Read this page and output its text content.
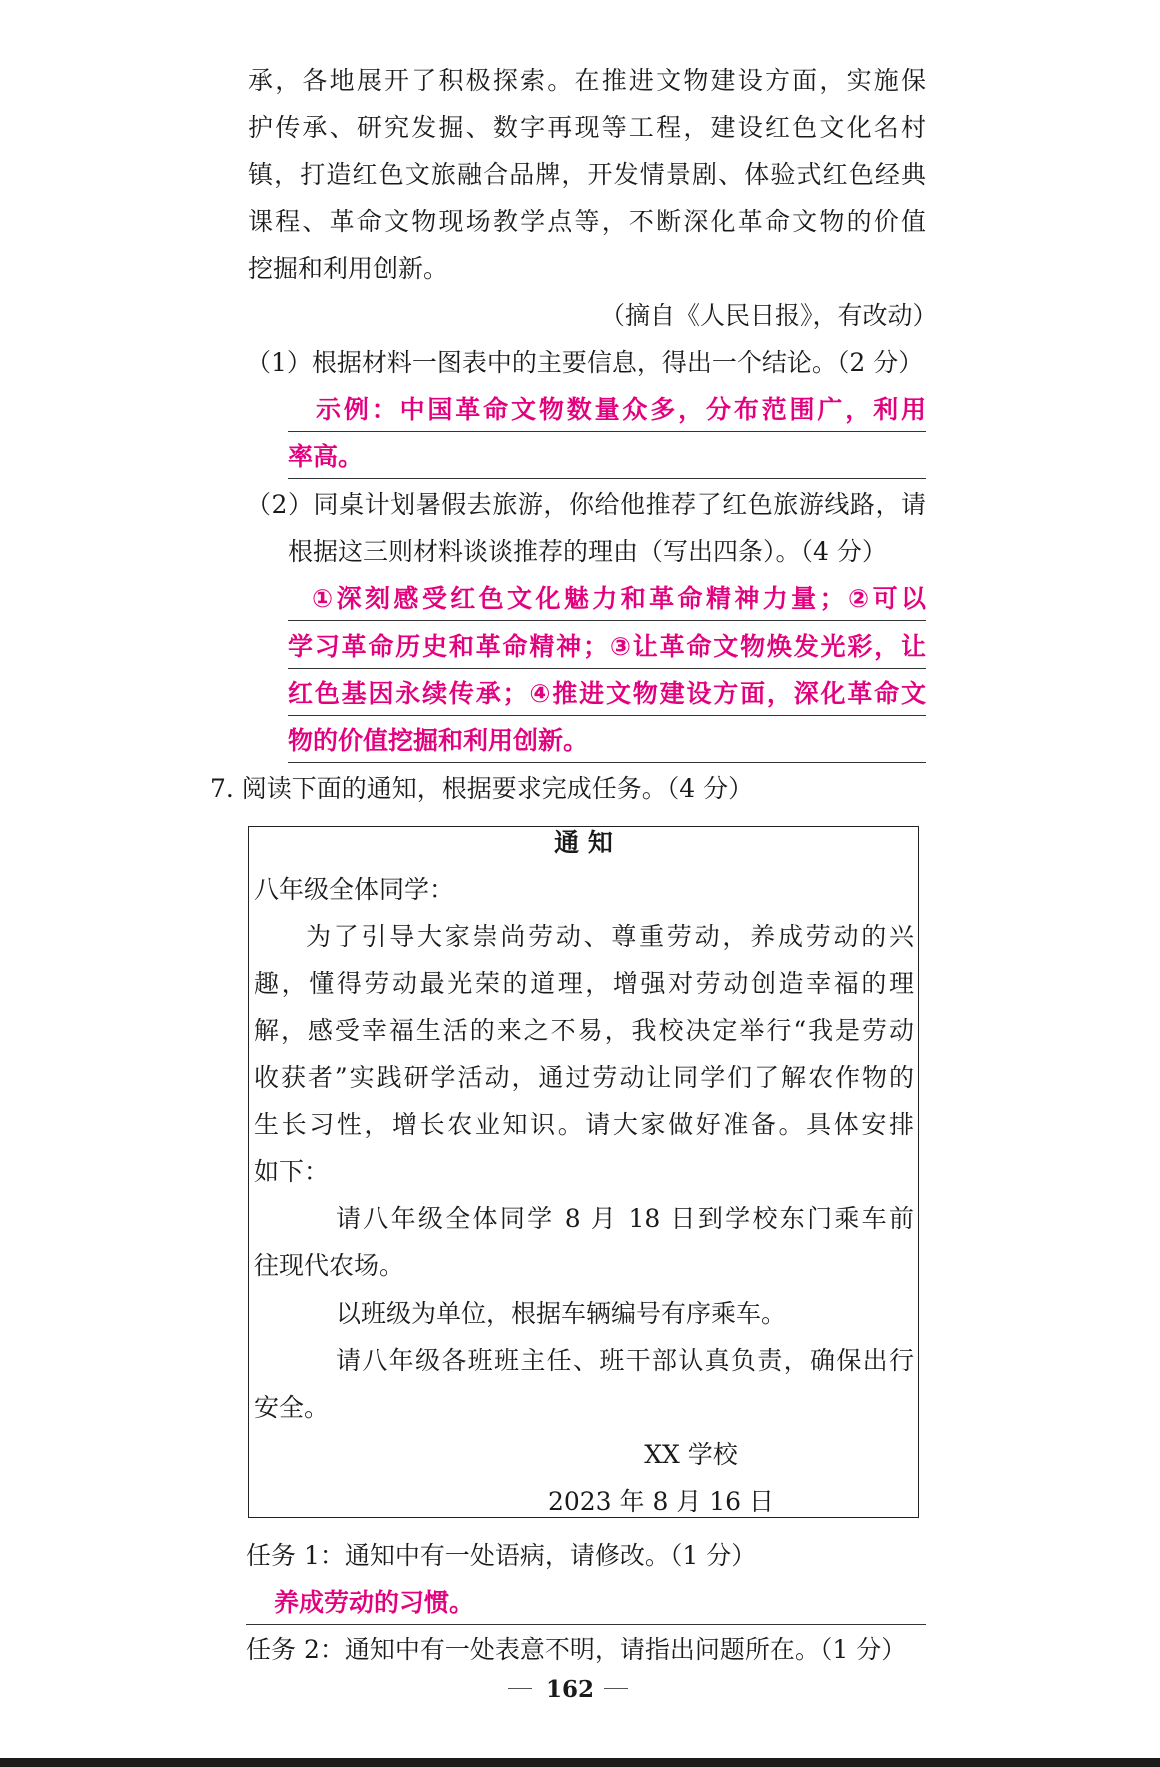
承，各地展开了积极探索。在推进文物建设方面，实施保
护传承、研究发掘、数字再现等工程，建设红色文化名村
镇，打造红色文旅融合品牌，开发情景剧、体验式红色经典
课程、革命文物现场教学点等，不断深化革命文物的价值
挖掘和利用创新。
（摘自《人民日报》，有改动）
（1）根据材料一图表中的主要信息，得出一个结论。（2 分）
示例：中国革命文物数量众多，分布范围广，利用
率高。
（2）同桌计划暑假去旅游，你给他推荐了红色旅游线路，请
根据这三则材料谈谈推荐的理由（写出四条）。（4 分）
①深刻感受红色文化魅力和革命精神力量；②可以
学习革命历史和革命精神；③让革命文物焕发光彩，让
红色基因永续传承；④推进文物建设方面，深化革命文
物的价值挖掘和利用创新。
7. 阅读下面的通知，根据要求完成任务。（4 分）
通 知
八年级全体同学：
为了引导大家崇尚劳动、尊重劳动，养成劳动的兴
趣，懂得劳动最光荣的道理，增强对劳动创造幸福的理
解，感受幸福生活的来之不易，我校决定举行“我是劳动
收获者”实践研学活动，通过劳动让同学们了解农作物的
生长习性，增长农业知识。请大家做好准备。具体安排
如下：
请八年级全体同学 8 月 18 日到学校东门乘车前
往现代农场。
以班级为单位，根据车辆编号有序乘车。
请八年级各班班主任、班干部认真负责，确保出行
安全。
XX 学校
2023 年 8 月 16 日
任务 1：通知中有一处语病，请修改。（1 分）
养成劳动的习惯。
任务 2：通知中有一处表意不明，请指出问题所在。（1 分）
162
